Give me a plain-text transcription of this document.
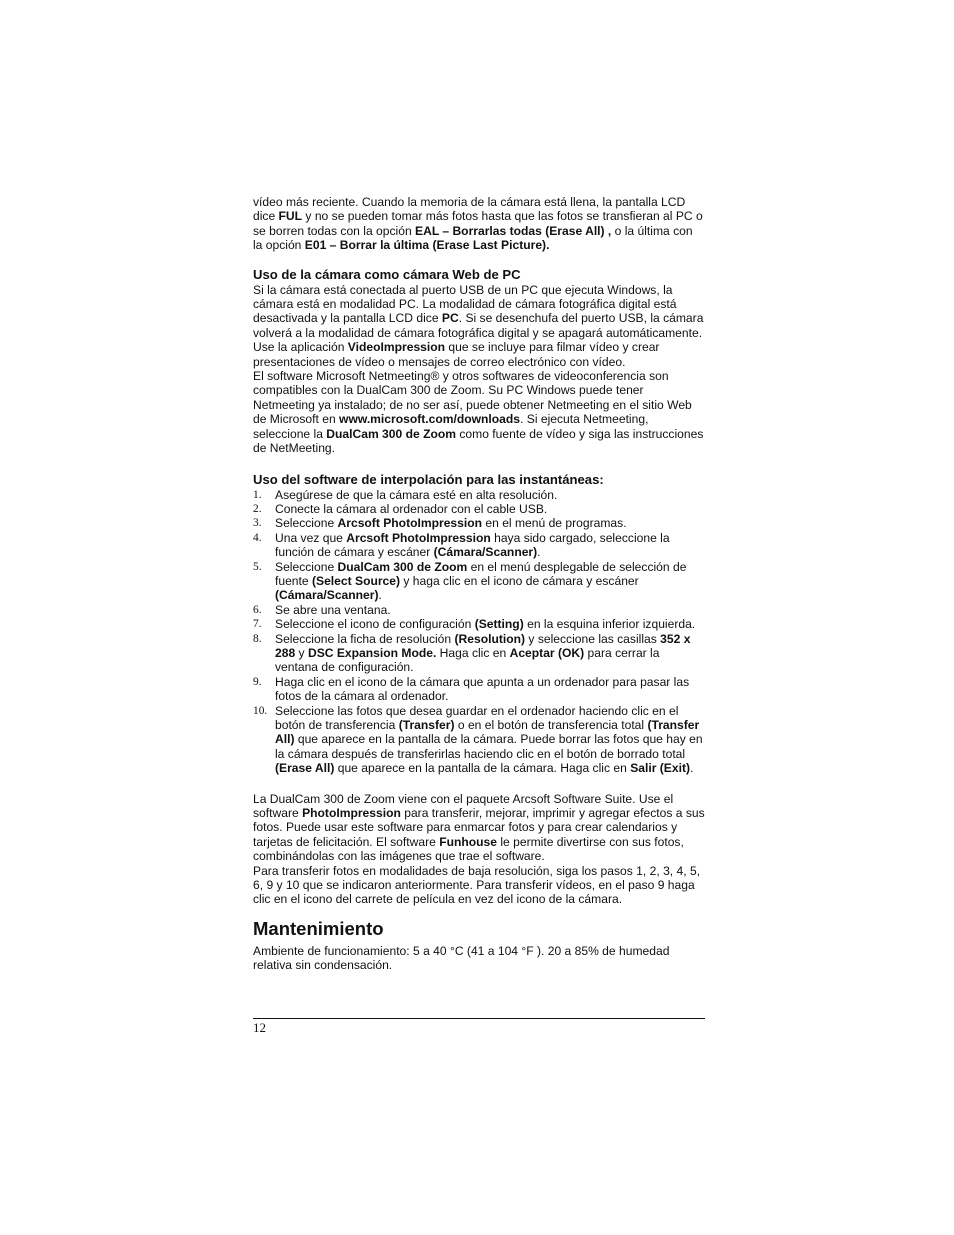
vídeo más reciente. Cuando la memoria de la cámara está llena, la pantalla LCD dice FUL y no se pueden tomar más fotos hasta que las fotos se transfieran al PC o se borren todas con la opción EAL – Borrarlas todas (Erase All) , o la última con la opción E01 – Borrar la última (Erase Last Picture).

Uso de la cámara como cámara Web de PC

Si la cámara está conectada al puerto USB de un PC que ejecuta Windows, la cámara está en modalidad PC. La modalidad de cámara fotográfica digital está desactivada y la pantalla LCD dice PC. Si se desenchufa del puerto USB, la cámara volverá a la modalidad de cámara fotográfica digital y se apagará automáticamente. Use la aplicación VideoImpression que se incluye para filmar vídeo y crear presentaciones de vídeo o mensajes de correo electrónico con vídeo.

El software Microsoft Netmeeting® y otros softwares de videoconferencia son compatibles con la DualCam 300 de Zoom. Su PC Windows puede tener Netmeeting ya instalado; de no ser así, puede obtener Netmeeting en el sitio Web de Microsoft en www.microsoft.com/downloads. Si ejecuta Netmeeting, seleccione la DualCam 300 de Zoom como fuente de vídeo y siga las instrucciones de NetMeeting.

Uso del software de interpolación para las instantáneas:
1.	Asegúrese de que la cámara esté en alta resolución.
2.	Conecte la cámara al ordenador con el cable USB.
3.	Seleccione Arcsoft PhotoImpression en el menú de programas.
4.	Una vez que Arcsoft PhotoImpression haya sido cargado, seleccione la función de cámara y escáner (Cámara/Scanner).
5.	Seleccione DualCam 300 de Zoom en el menú desplegable de selección de fuente (Select Source) y haga clic en el icono de cámara y escáner (Cámara/Scanner).
6.	Se abre una ventana.
7.	Seleccione el icono de configuración (Setting) en la esquina inferior izquierda.
8.	Seleccione la ficha de resolución (Resolution) y seleccione las casillas 352 x 288 y DSC Expansion Mode. Haga clic en Aceptar (OK) para cerrar la ventana de configuración.
9.	Haga clic en el icono de la cámara que apunta a un ordenador para pasar las fotos de la cámara al ordenador.
10. Seleccione las fotos que desea guardar en el ordenador haciendo clic en el botón de transferencia (Transfer) o en el botón de transferencia total (Transfer All) que aparece en la pantalla de la cámara. Puede borrar las fotos que hay en la cámara después de transferirlas haciendo clic en el botón de borrado total (Erase All) que aparece en la pantalla de la cámara. Haga clic en Salir (Exit).

La DualCam 300 de Zoom viene con el paquete Arcsoft Software Suite. Use el software PhotoImpression para transferir, mejorar, imprimir y agregar efectos a sus fotos. Puede usar este software para enmarcar fotos y para crear calendarios y tarjetas de felicitación. El software Funhouse le permite divertirse con sus fotos, combinándolas con las imágenes que trae el software.

Para transferir fotos en modalidades de baja resolución, siga los pasos 1, 2, 3, 4, 5, 6, 9 y 10 que se indicaron anteriormente. Para transferir vídeos, en el paso 9 haga clic en el icono del carrete de película en vez del icono de la cámara.

Mantenimiento

Ambiente de funcionamiento: 5 a 40 °C (41 a 104 °F ). 20 a 85% de humedad relativa sin condensación.

12
